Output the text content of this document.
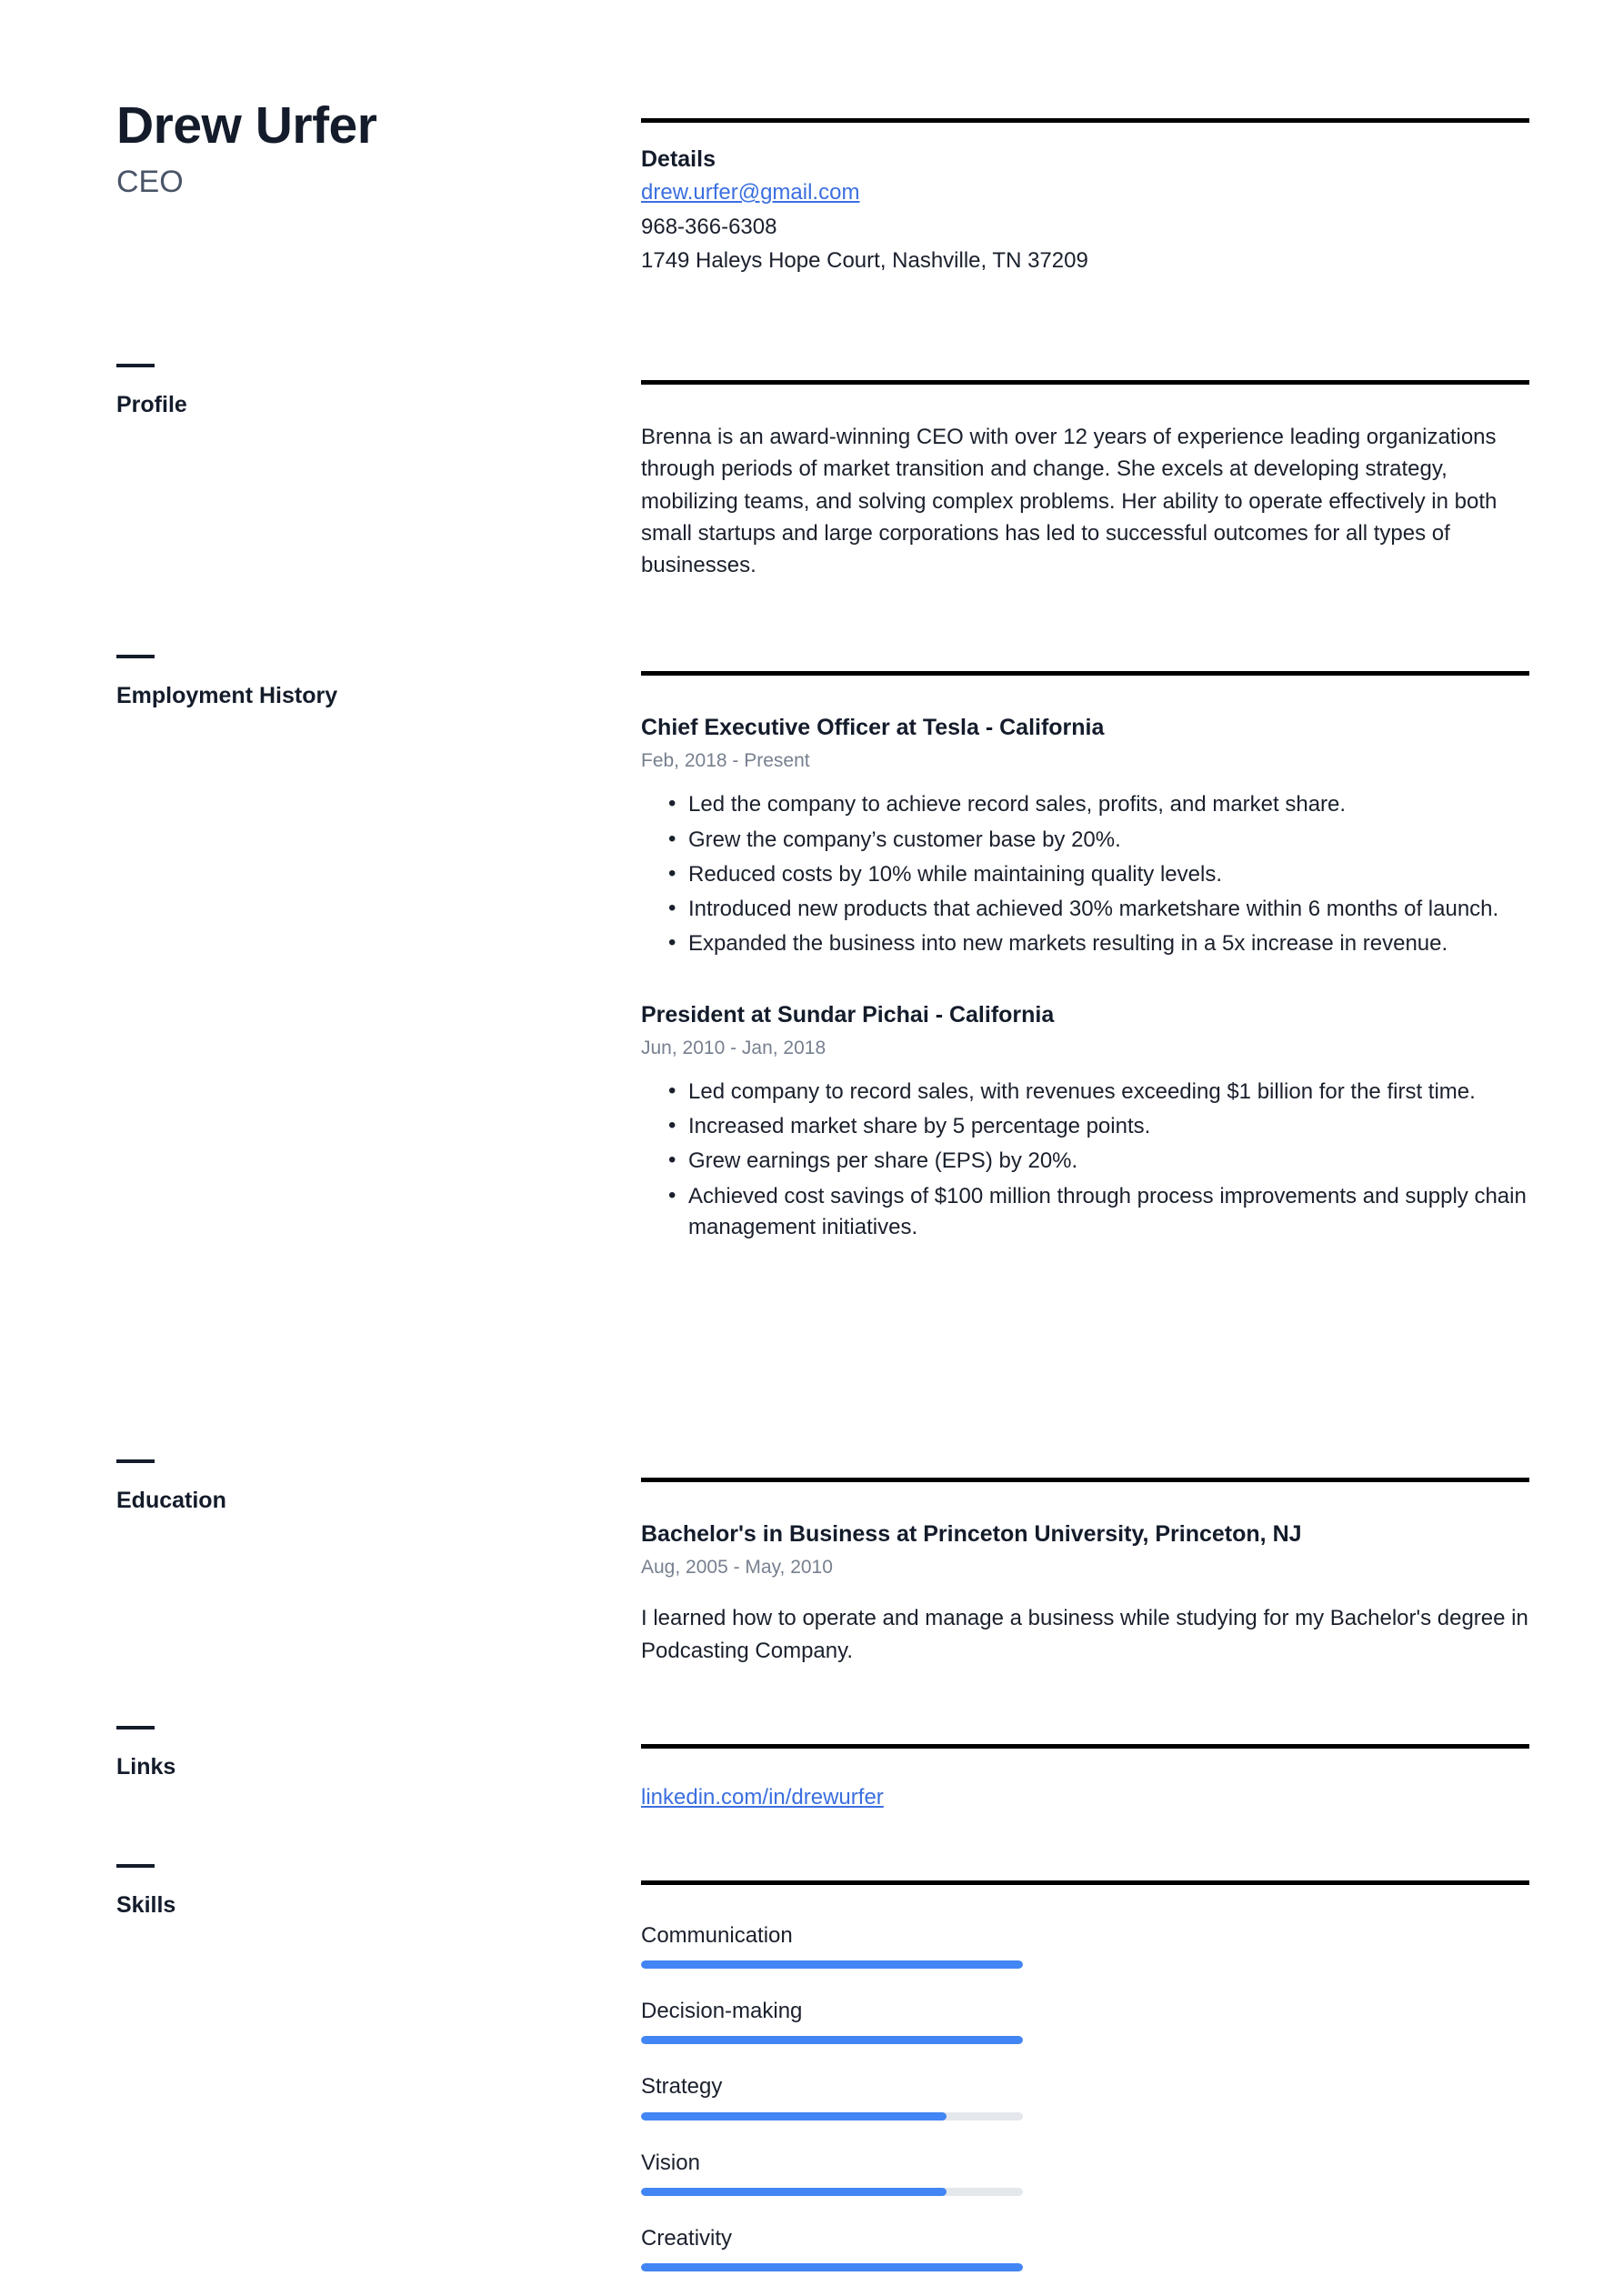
Drew Urfer
CEO
Profile
Employment History
Education
Links
Skills
Details
drew.urfer@gmail.com
968-366-6308
1749 Haleys Hope Court, Nashville, TN 37209

Brenna is an award-winning CEO with over 12 years of experience leading organizations through periods of market transition and change. She excels at developing strategy, mobilizing teams, and solving complex problems. Her ability to operate effectively in both small startups and large corporations has led to successful outcomes for all types of businesses.

Chief Executive Officer at Tesla - California
Feb, 2018 - Present
• Led the company to achieve record sales, profits, and market share.
• Grew the company’s customer base by 20%.
• Reduced costs by 10% while maintaining quality levels.
• Introduced new products that achieved 30% marketshare within 6 months of launch.
• Expanded the business into new markets resulting in a 5x increase in revenue.
President at Sundar Pichai - California
Jun, 2010 - Jan, 2018
• Led company to record sales, with revenues exceeding $1 billion for the first time.
• Increased market share by 5 percentage points.
• Grew earnings per share (EPS) by 20%.
• Achieved cost savings of $100 million through process improvements and supply chain management initiatives.
Bachelor's in Business at Princeton University, Princeton, NJ
Aug, 2005 - May, 2010

I learned how to operate and manage a business while studying for my Bachelor's degree in Podcasting Company.

linkedin.com/in/drewurfer
Communication
Decision-making
Strategy
Vision
Creativity
